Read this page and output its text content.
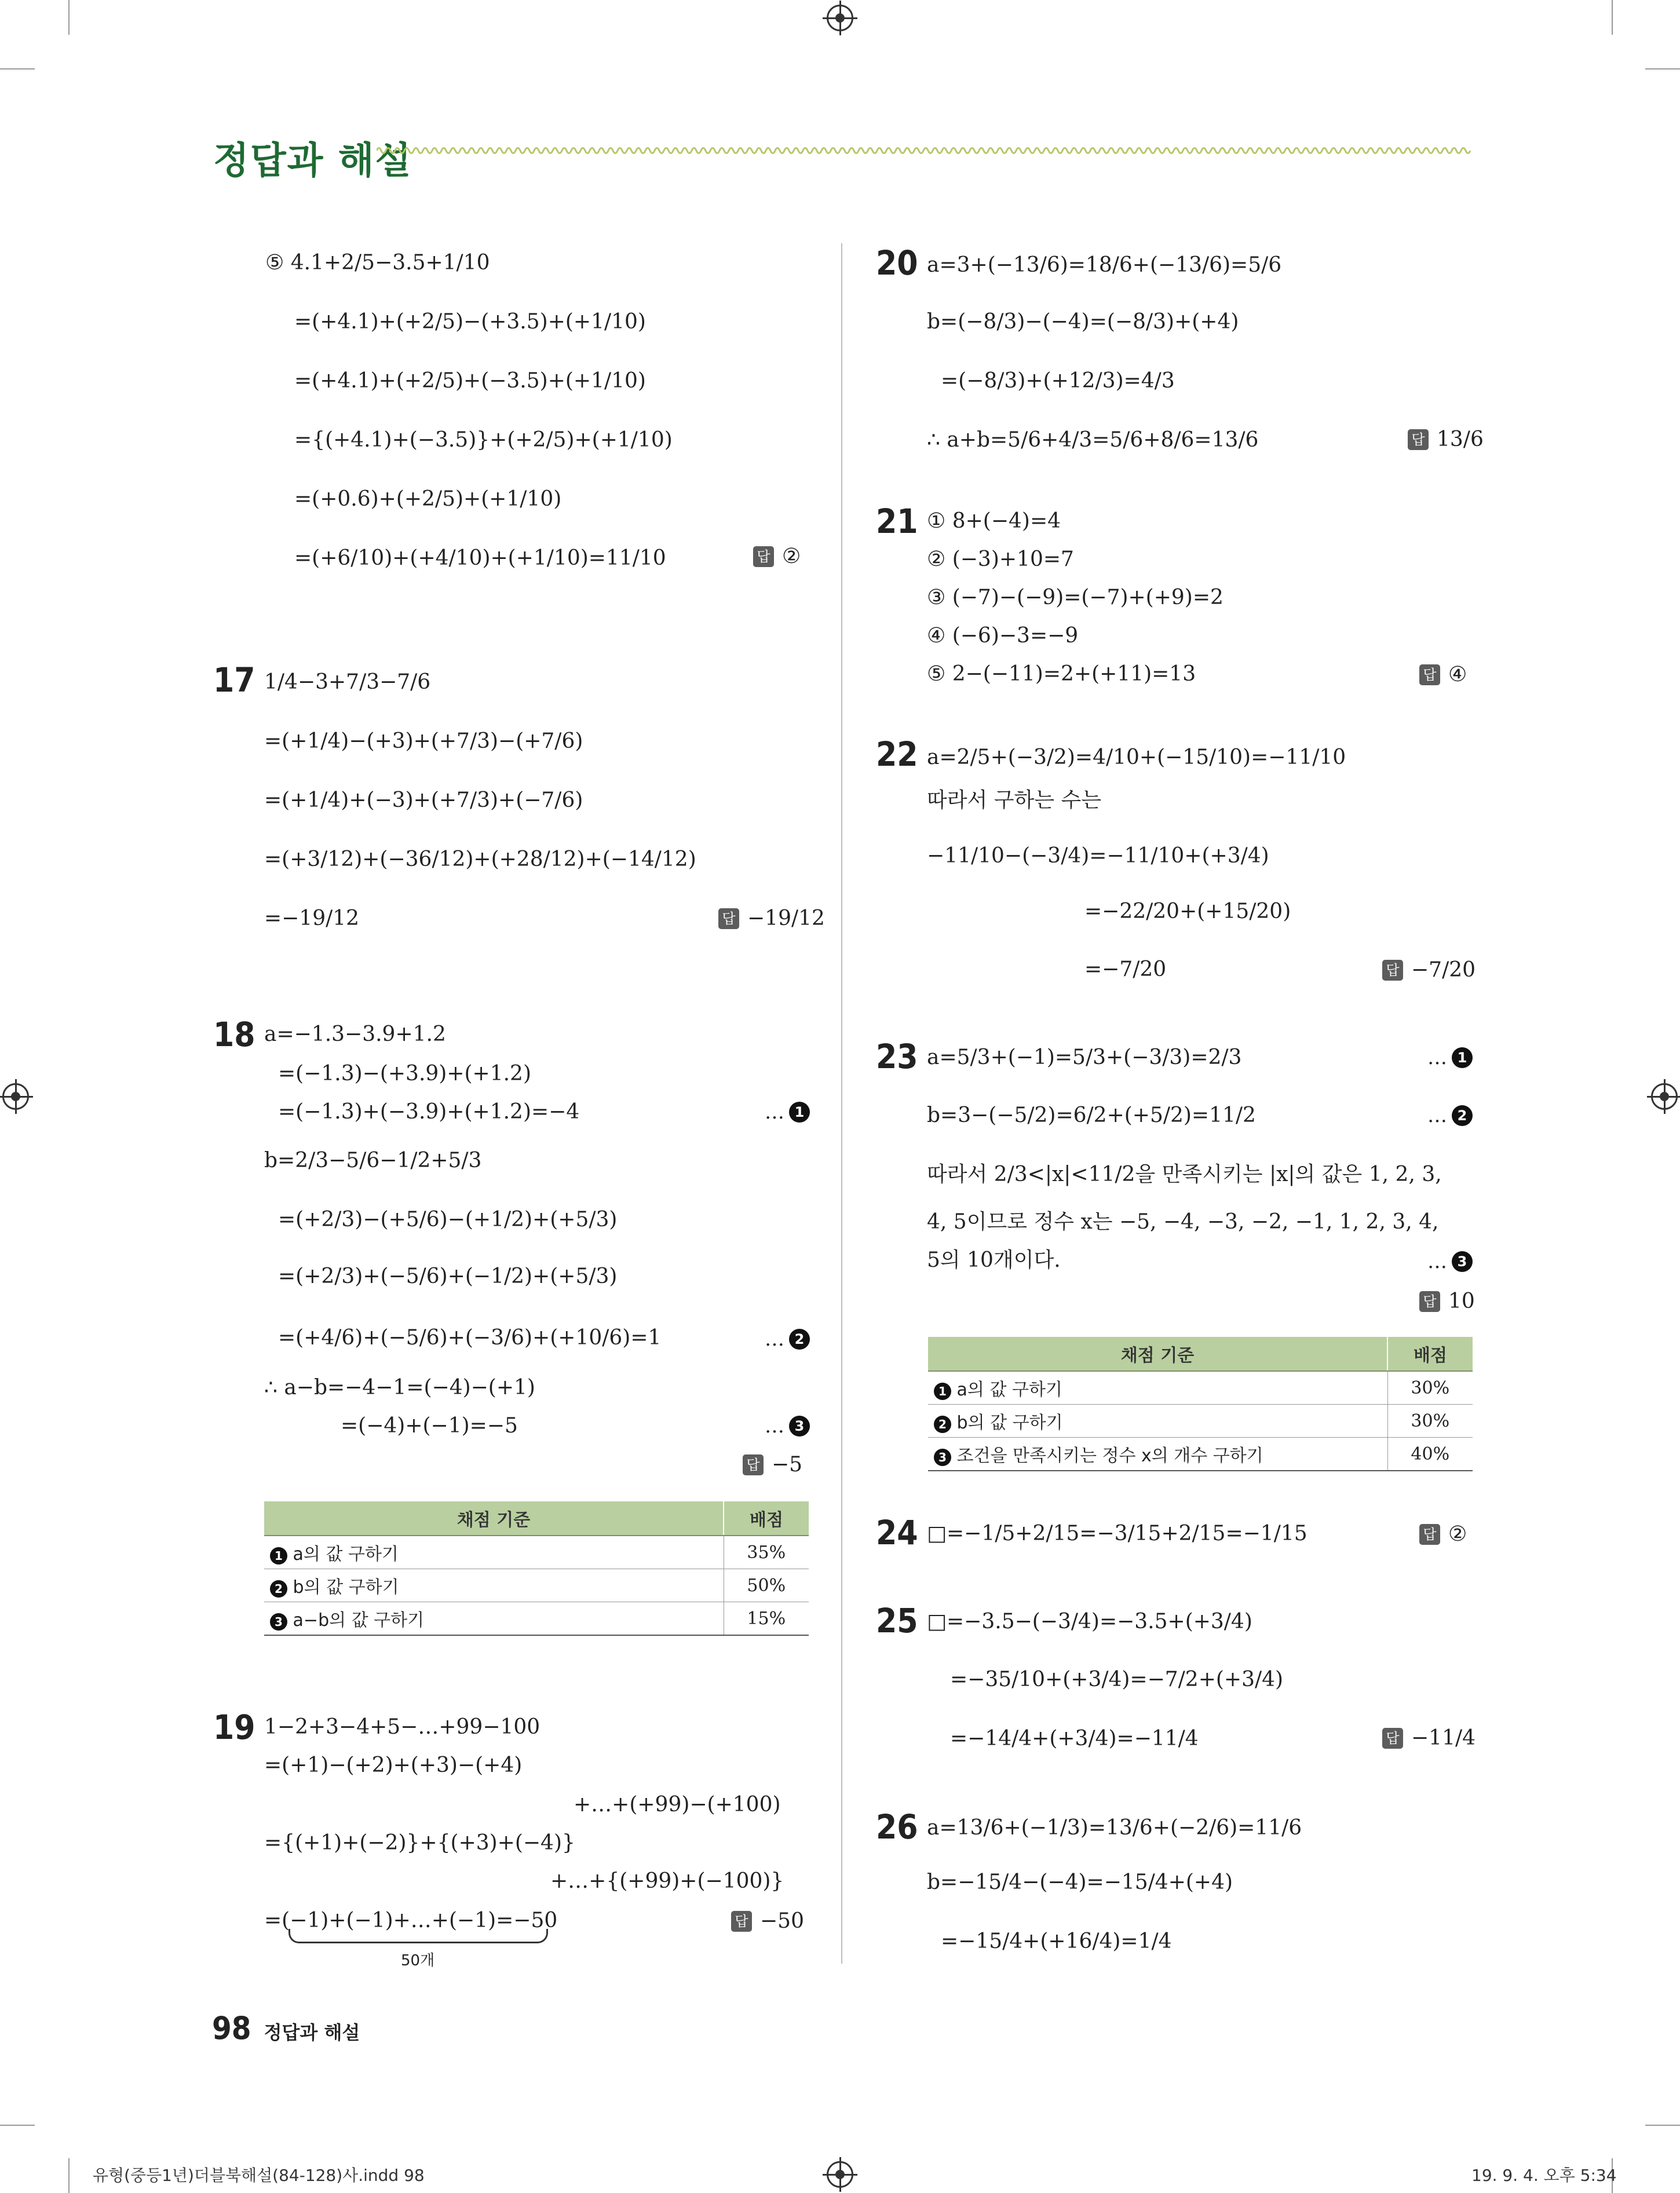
정답과 해설
⑤ 4.1+2/5−3.5+1/10
=(+4.1)+(+2/5)−(+3.5)+(+1/10)
=(+4.1)+(+2/5)+(−3.5)+(+1/10)
={(+4.1)+(−3.5)}+(+2/5)+(+1/10)
=(+0.6)+(+2/5)+(+1/10)
=(+6/10)+(+4/10)+(+1/10)=11/10	답 ②
17 1/4−3+7/3−7/6
=(+1/4)−(+3)+(+7/3)−(+7/6)
=(+1/4)+(−3)+(+7/3)+(−7/6)
=(+3/12)+(−36/12)+(+28/12)+(−14/12)
=−19/12	답 −19/12
18 a=−1.3−3.9+1.2
=(−1.3)−(+3.9)+(+1.2)
=(−1.3)+(−3.9)+(+1.2)=−4	… 1
b=2/3−5/6−1/2+5/3
=(+2/3)−(+5/6)−(+1/2)+(+5/3)
=(+2/3)+(−5/6)+(−1/2)+(+5/3)
=(+4/6)+(−5/6)+(−3/6)+(+10/6)=1	… 2
∴ a−b=−4−1=(−4)−(+1)
=(−4)+(−1)=−5	… 3
답 −5
채점 기준	배점
1 a의 값 구하기	35%
2 b의 값 구하기	50%
3 a−b의 값 구하기	15%
19 1−2+3−4+5−…+99−100
=(+1)−(+2)+(+3)−(+4)
+…+(+99)−(+100)
={(+1)+(−2)}+{(+3)+(−4)}
+…+{(+99)+(−100)}
=(−1)+(−1)+…+(−1)=−50
50개
답 −50
20 a=3+(−13/6)=18/6+(−13/6)=5/6
b=(−8/3)−(−4)=(−8/3)+(+4)
=(−8/3)+(+12/3)=4/3
∴ a+b=5/6+4/3=5/6+8/6=13/6	답 13/6
21 ① 8+(−4)=4
② (−3)+10=7
③ (−7)−(−9)=(−7)+(+9)=2
④ (−6)−3=−9
⑤ 2−(−11)=2+(+11)=13	답 ④
22 a=2/5+(−3/2)=4/10+(−15/10)=−11/10
따라서 구하는 수는
−11/10−(−3/4)=−11/10+(+3/4)
=−22/20+(+15/20)
=−7/20	답 −7/20
23 a=5/3+(−1)=5/3+(−3/3)=2/3	… 1
b=3−(−5/2)=6/2+(+5/2)=11/2	… 2
따라서 2/3<|x|<11/2을 만족시키는 |x|의 값은 1, 2, 3,
4, 5이므로 정수 x는 −5, −4, −3, −2, −1, 1, 2, 3, 4,
5의 10개이다.	… 3
답 10
채점 기준	배점
1 a의 값 구하기	30%
2 b의 값 구하기	30%
3 조건을 만족시키는 정수 x의 개수 구하기	40%
24 □=−1/5+2/15=−3/15+2/15=−1/15	답 ②
25 □=−3.5−(−3/4)=−3.5+(+3/4)
=−35/10+(+3/4)=−7/2+(+3/4)
=−14/4+(+3/4)=−11/4	답 −11/4
26 a=13/6+(−1/3)=13/6+(−2/6)=11/6
b=−15/4−(−4)=−15/4+(+4)
=−15/4+(+16/4)=1/4
98 정답과 해설
유형(중등1년)더블북해설(84-128)사.indd 98	19. 9. 4. 오후 5:34
